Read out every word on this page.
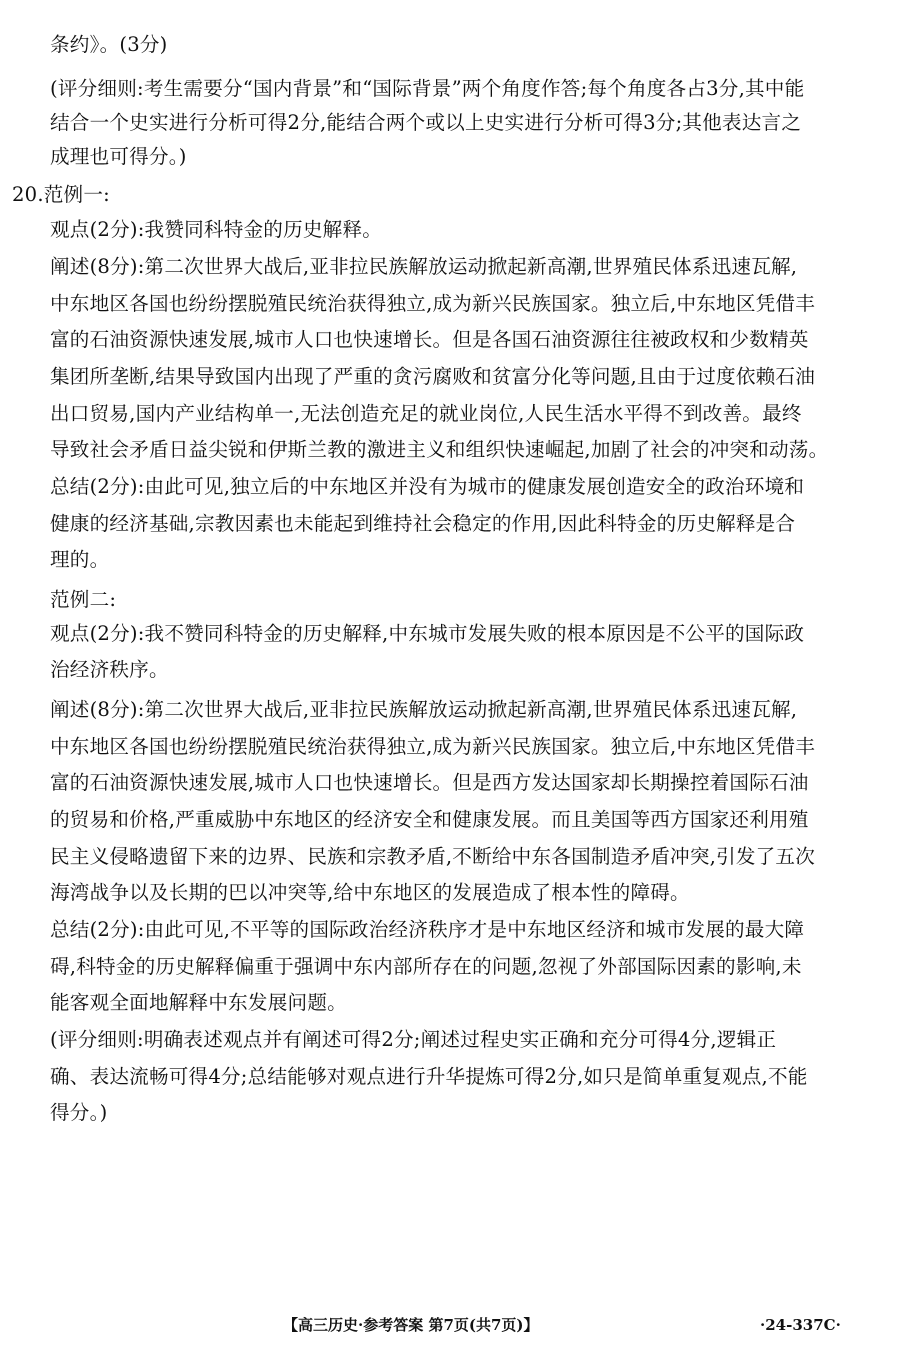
条约》。(3分)
(评分细则:考生需要分“国内背景”和“国际背景”两个角度作答;每个角度各占3分,其中能
结合一个史实进行分析可得2分,能结合两个或以上史实进行分析可得3分;其他表达言之
成理也可得分。)
20.范例一:
观点(2分):我赞同科特金的历史解释。
阐述(8分):第二次世界大战后,亚非拉民族解放运动掀起新高潮,世界殖民体系迅速瓦解,
中东地区各国也纷纷摆脱殖民统治获得独立,成为新兴民族国家。独立后,中东地区凭借丰
富的石油资源快速发展,城市人口也快速增长。但是各国石油资源往往被政权和少数精英
集团所垄断,结果导致国内出现了严重的贪污腐败和贫富分化等问题,且由于过度依赖石油
出口贸易,国内产业结构单一,无法创造充足的就业岗位,人民生活水平得不到改善。最终
导致社会矛盾日益尖锐和伊斯兰教的激进主义和组织快速崛起,加剧了社会的冲突和动荡。
总结(2分):由此可见,独立后的中东地区并没有为城市的健康发展创造安全的政治环境和
健康的经济基础,宗教因素也未能起到维持社会稳定的作用,因此科特金的历史解释是合
理的。
范例二:
观点(2分):我不赞同科特金的历史解释,中东城市发展失败的根本原因是不公平的国际政
治经济秩序。
阐述(8分):第二次世界大战后,亚非拉民族解放运动掀起新高潮,世界殖民体系迅速瓦解,
中东地区各国也纷纷摆脱殖民统治获得独立,成为新兴民族国家。独立后,中东地区凭借丰
富的石油资源快速发展,城市人口也快速增长。但是西方发达国家却长期操控着国际石油
的贸易和价格,严重威胁中东地区的经济安全和健康发展。而且美国等西方国家还利用殖
民主义侵略遗留下来的边界、民族和宗教矛盾,不断给中东各国制造矛盾冲突,引发了五次
海湾战争以及长期的巴以冲突等,给中东地区的发展造成了根本性的障碍。
总结(2分):由此可见,不平等的国际政治经济秩序才是中东地区经济和城市发展的最大障
碍,科特金的历史解释偏重于强调中东内部所存在的问题,忽视了外部国际因素的影响,未
能客观全面地解释中东发展问题。
(评分细则:明确表述观点并有阐述可得2分;阐述过程史实正确和充分可得4分,逻辑正
确、表达流畅可得4分;总结能够对观点进行升华提炼可得2分,如只是简单重复观点,不能
得分。)
【高三历史·参考答案 第7页(共7页)】	·24-337C·
